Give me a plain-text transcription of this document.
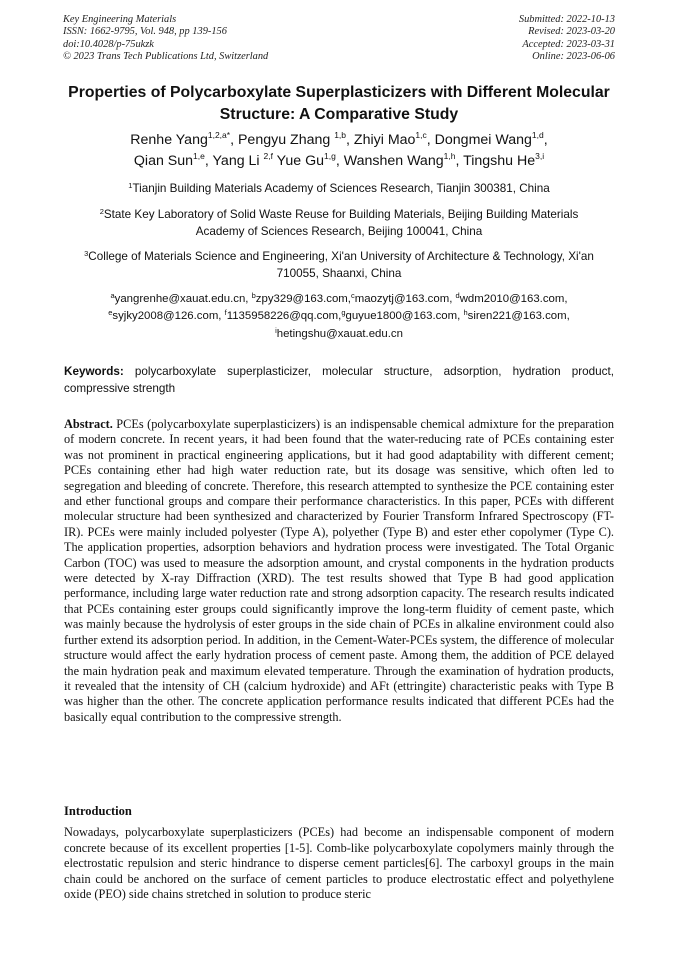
Key Engineering Materials
ISSN: 1662-9795, Vol. 948, pp 139-156
doi:10.4028/p-75ukzk
© 2023 Trans Tech Publications Ltd, Switzerland
Submitted: 2022-10-13
Revised: 2023-03-20
Accepted: 2023-03-31
Online: 2023-06-06
Properties of Polycarboxylate Superplasticizers with Different Molecular
Structure: A Comparative Study
Renhe Yang$^{1,2,a*}$, Pengyu Zhang $^{1,b}$, Zhiyi Mao$^{1,c}$, Dongmei Wang$^{1,d}$,
Qian Sun$^{1,e}$, Yang Li $^{2,f}$ Yue Gu$^{1,g}$, Wanshen Wang$^{1,h}$, Tingshu He$^{3,i}$
$^1$Tianjin Building Materials Academy of Sciences Research, Tianjin 300381, China
$^2$State Key Laboratory of Solid Waste Reuse for Building Materials, Beijing Building Materials
Academy of Sciences Research, Beijing 100041, China
$^3$College of Materials Science and Engineering, Xi'an University of Architecture & Technology, Xi'an
710055, Shaanxi, China
$^a$yangrenhe@xauat.edu.cn, $^b$zpy329@163.com,$^c$maozytj@163.com, $^d$wdm2010@163.com,
$^e$syjky2008@126.com, $^f$1135958226@qq.com,$^g$guyue1800@163.com, $^h$siren221@163.com,
$^i$hetingshu@xauat.edu.cn
Keywords: polycarboxylate superplasticizer, molecular structure, adsorption, hydration product, compressive strength
Abstract. PCEs (polycarboxylate superplasticizers) is an indispensable chemical admixture for the preparation of modern concrete. In recent years, it had been found that the water-reducing rate of PCEs containing ester was not prominent in practical engineering applications, but it had good adaptability with different cement; PCEs containing ether had high water reduction rate, but its dosage was sensitive, which often led to segregation and bleeding of concrete. Therefore, this research attempted to synthesize the PCE containing ester and ether functional groups and compare their performance characteristics. In this paper, PCEs with different molecular structure had been synthesized and characterized by Fourier Transform Infrared Spectroscopy (FT-IR). PCEs were mainly included polyester (Type A), polyether (Type B) and ester ether copolymer (Type C). The application properties, adsorption behaviors and hydration process were investigated. The Total Organic Carbon (TOC) was used to measure the adsorption amount, and crystal components in the hydration products were detected by X-ray Diffraction (XRD). The test results showed that Type B had good application performance, including large water reduction rate and strong adsorption capacity. The research results indicated that PCEs containing ester groups could significantly improve the long-term fluidity of cement paste, which was mainly because the hydrolysis of ester groups in the side chain of PCEs in alkaline environment could also further extend its adsorption period. In addition, in the Cement-Water-PCEs system, the difference of molecular structure would affect the early hydration process of cement paste. Among them, the addition of PCE delayed the main hydration peak and maximum elevated temperature. Through the examination of hydration products, it revealed that the intensity of CH (calcium hydroxide) and AFt (ettringite) characteristic peaks with Type B was higher than the other. The concrete application performance results indicated that different PCEs had the basically equal contribution to the compressive strength.
Introduction
Nowadays, polycarboxylate superplasticizers (PCEs) had become an indispensable component of modern concrete because of its excellent properties [1-5]. Comb-like polycarboxylate copolymers mainly through the electrostatic repulsion and steric hindrance to disperse cement particles[6]. The carboxyl groups in the main chain could be anchored on the surface of cement particles to produce electrostatic effect and polyethylene oxide (PEO) side chains stretched in solution to produce steric
